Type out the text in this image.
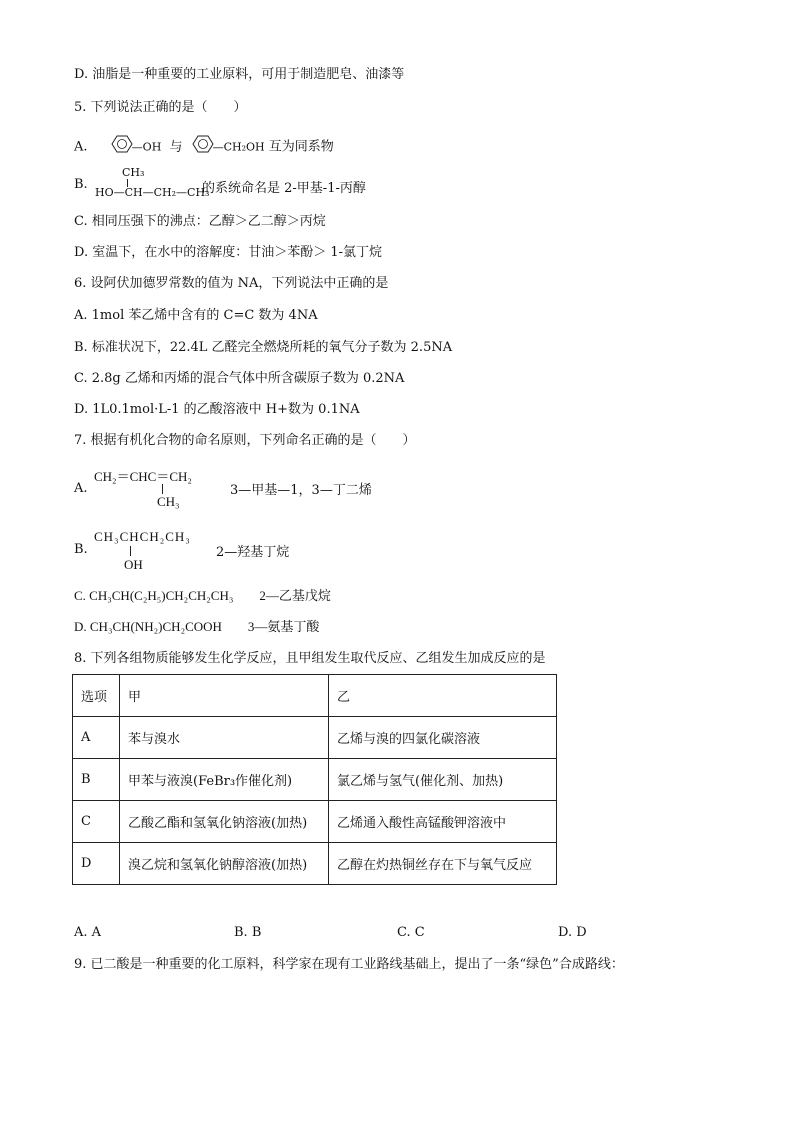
D. 油脂是一种重要的工业原料，可用于制造肥皂、油漆等
5. 下列说法正确的是（　　）
A.	—OH 与	—CH₂OH 互为同系物
B.
CH₃
HO—CH—CH₂—CH₃
的系统命名是 2-甲基-1-丙醇
C. 相同压强下的沸点：乙醇＞乙二醇＞丙烷
D. 室温下，在水中的溶解度：甘油＞苯酚＞ 1-氯丁烷
6. 设阿伏加德罗常数的值为 NA，下列说法中正确的是
A. 1mol 苯乙烯中含有的 C=C 数为 4NA
B. 标准状况下，22.4L 乙醛完全燃烧所耗的氧气分子数为 2.5NA
C. 2.8g 乙烯和丙烯的混合气体中所含碳原子数为 0.2NA
D. 1L0.1mol·L-1 的乙酸溶液中 H+数为 0.1NA
7. 根据有机化合物的命名原则，下列命名正确的是（　　）
A.
CH₂＝CHC＝CH₂
CH₃
3—甲基—1，3—丁二烯
B.
CH₃CHCH₂CH₃
OH
2—羟基丁烷
C. CH₃CH(C₂H₅)CH₂CH₂CH₃　　2—乙基戊烷
D. CH₃CH(NH₂)CH₂COOH　　3—氨基丁酸
8. 下列各组物质能够发生化学反应，且甲组发生取代反应、乙组发生加成反应的是
选项	甲	乙
A	苯与溴水	乙烯与溴的四氯化碳溶液
B	甲苯与液溴(FeBr₃作催化剂)	氯乙烯与氢气(催化剂、加热)
C	乙酸乙酯和氢氧化钠溶液(加热)	乙烯通入酸性高锰酸钾溶液中
D	溴乙烷和氢氧化钠醇溶液(加热)	乙醇在灼热铜丝存在下与氧气反应
A. A	B. B	C. C	D. D
9. 已二酸是一种重要的化工原料，科学家在现有工业路线基础上，提出了一条“绿色”合成路线：
